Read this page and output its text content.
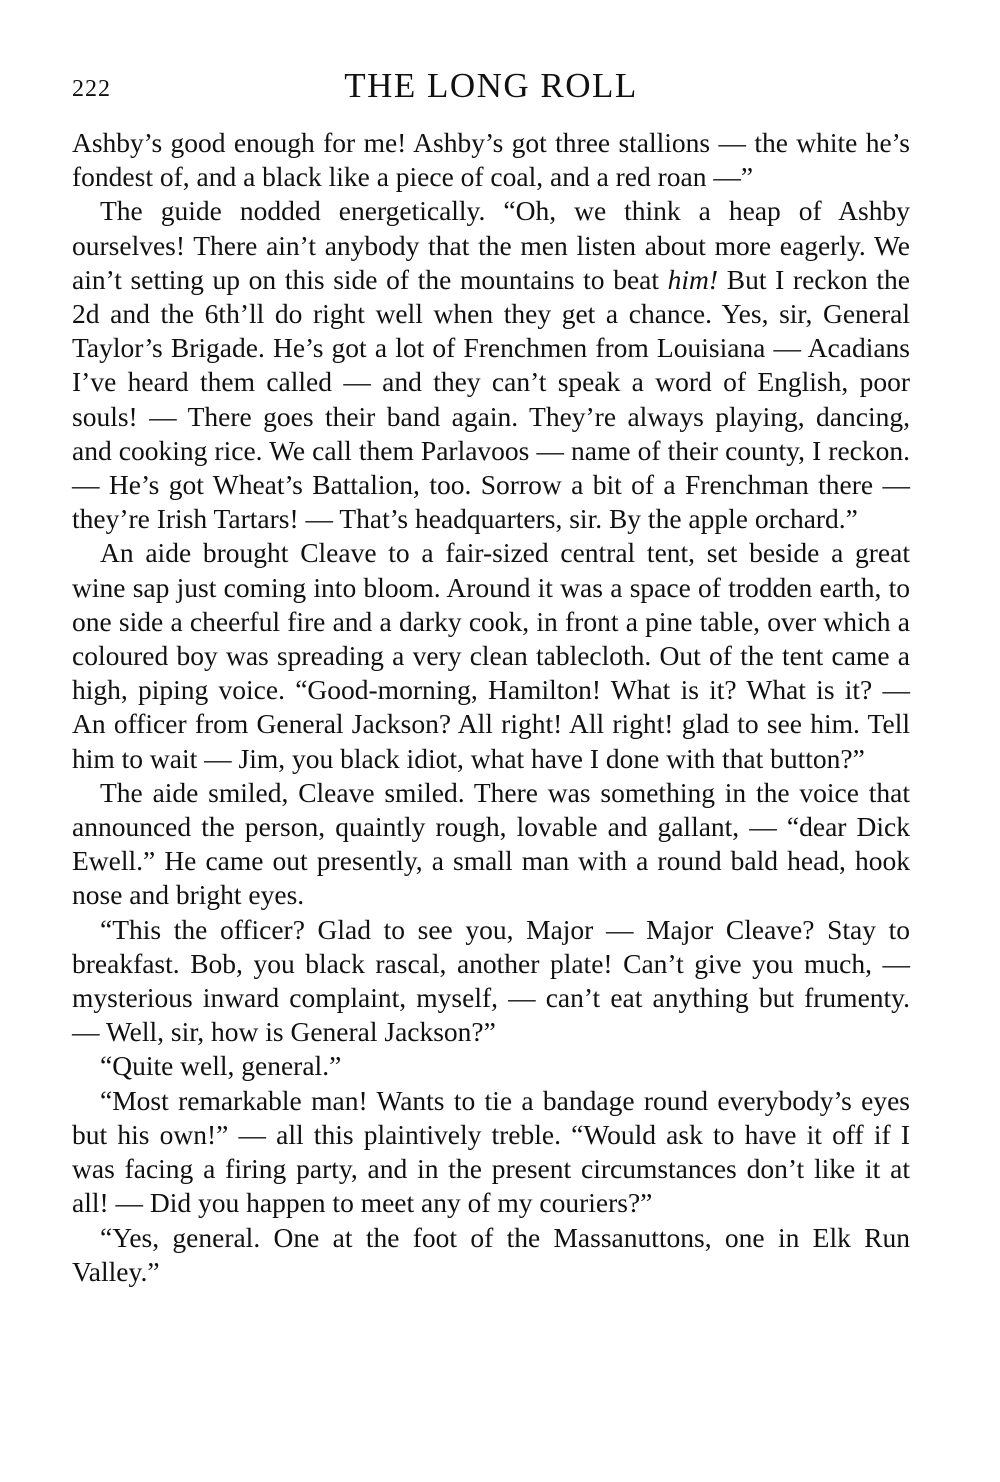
222	THE LONG ROLL

Ashby’s good enough for me! Ashby’s got three stallions — the white he’s fondest of, and a black like a piece of coal, and a red roan —”

The guide nodded energetically. “Oh, we think a heap of Ashby ourselves! There ain’t anybody that the men listen about more eagerly. We ain’t setting up on this side of the mountains to beat him! But I reckon the 2d and the 6th’ll do right well when they get a chance. Yes, sir, General Taylor’s Brigade. He’s got a lot of Frenchmen from Louisiana — Acadians I’ve heard them called — and they can’t speak a word of English, poor souls! — There goes their band again. They’re always playing, dancing, and cooking rice. We call them Parlavoos — name of their county, I reckon. — He’s got Wheat’s Battalion, too. Sorrow a bit of a Frenchman there — they’re Irish Tartars! — That’s headquarters, sir. By the apple orchard.”

An aide brought Cleave to a fair-sized central tent, set beside a great wine sap just coming into bloom. Around it was a space of trodden earth, to one side a cheerful fire and a darky cook, in front a pine table, over which a coloured boy was spreading a very clean tablecloth. Out of the tent came a high, piping voice. “Good-morning, Hamilton! What is it? What is it? — An officer from General Jackson? All right! All right! glad to see him. Tell him to wait — Jim, you black idiot, what have I done with that button?”

The aide smiled, Cleave smiled. There was something in the voice that announced the person, quaintly rough, lovable and gallant, — “dear Dick Ewell.” He came out presently, a small man with a round bald head, hook nose and bright eyes.

“This the officer? Glad to see you, Major — Major Cleave? Stay to breakfast. Bob, you black rascal, another plate! Can’t give you much, — mysterious inward complaint, myself, — can’t eat anything but frumenty. — Well, sir, how is General Jackson?”

“Quite well, general.”

“Most remarkable man! Wants to tie a bandage round everybody’s eyes but his own!” — all this plaintively treble. “Would ask to have it off if I was facing a firing party, and in the present circumstances don’t like it at all! — Did you happen to meet any of my couriers?”

“Yes, general. One at the foot of the Massanuttons, one in Elk Run Valley.”
